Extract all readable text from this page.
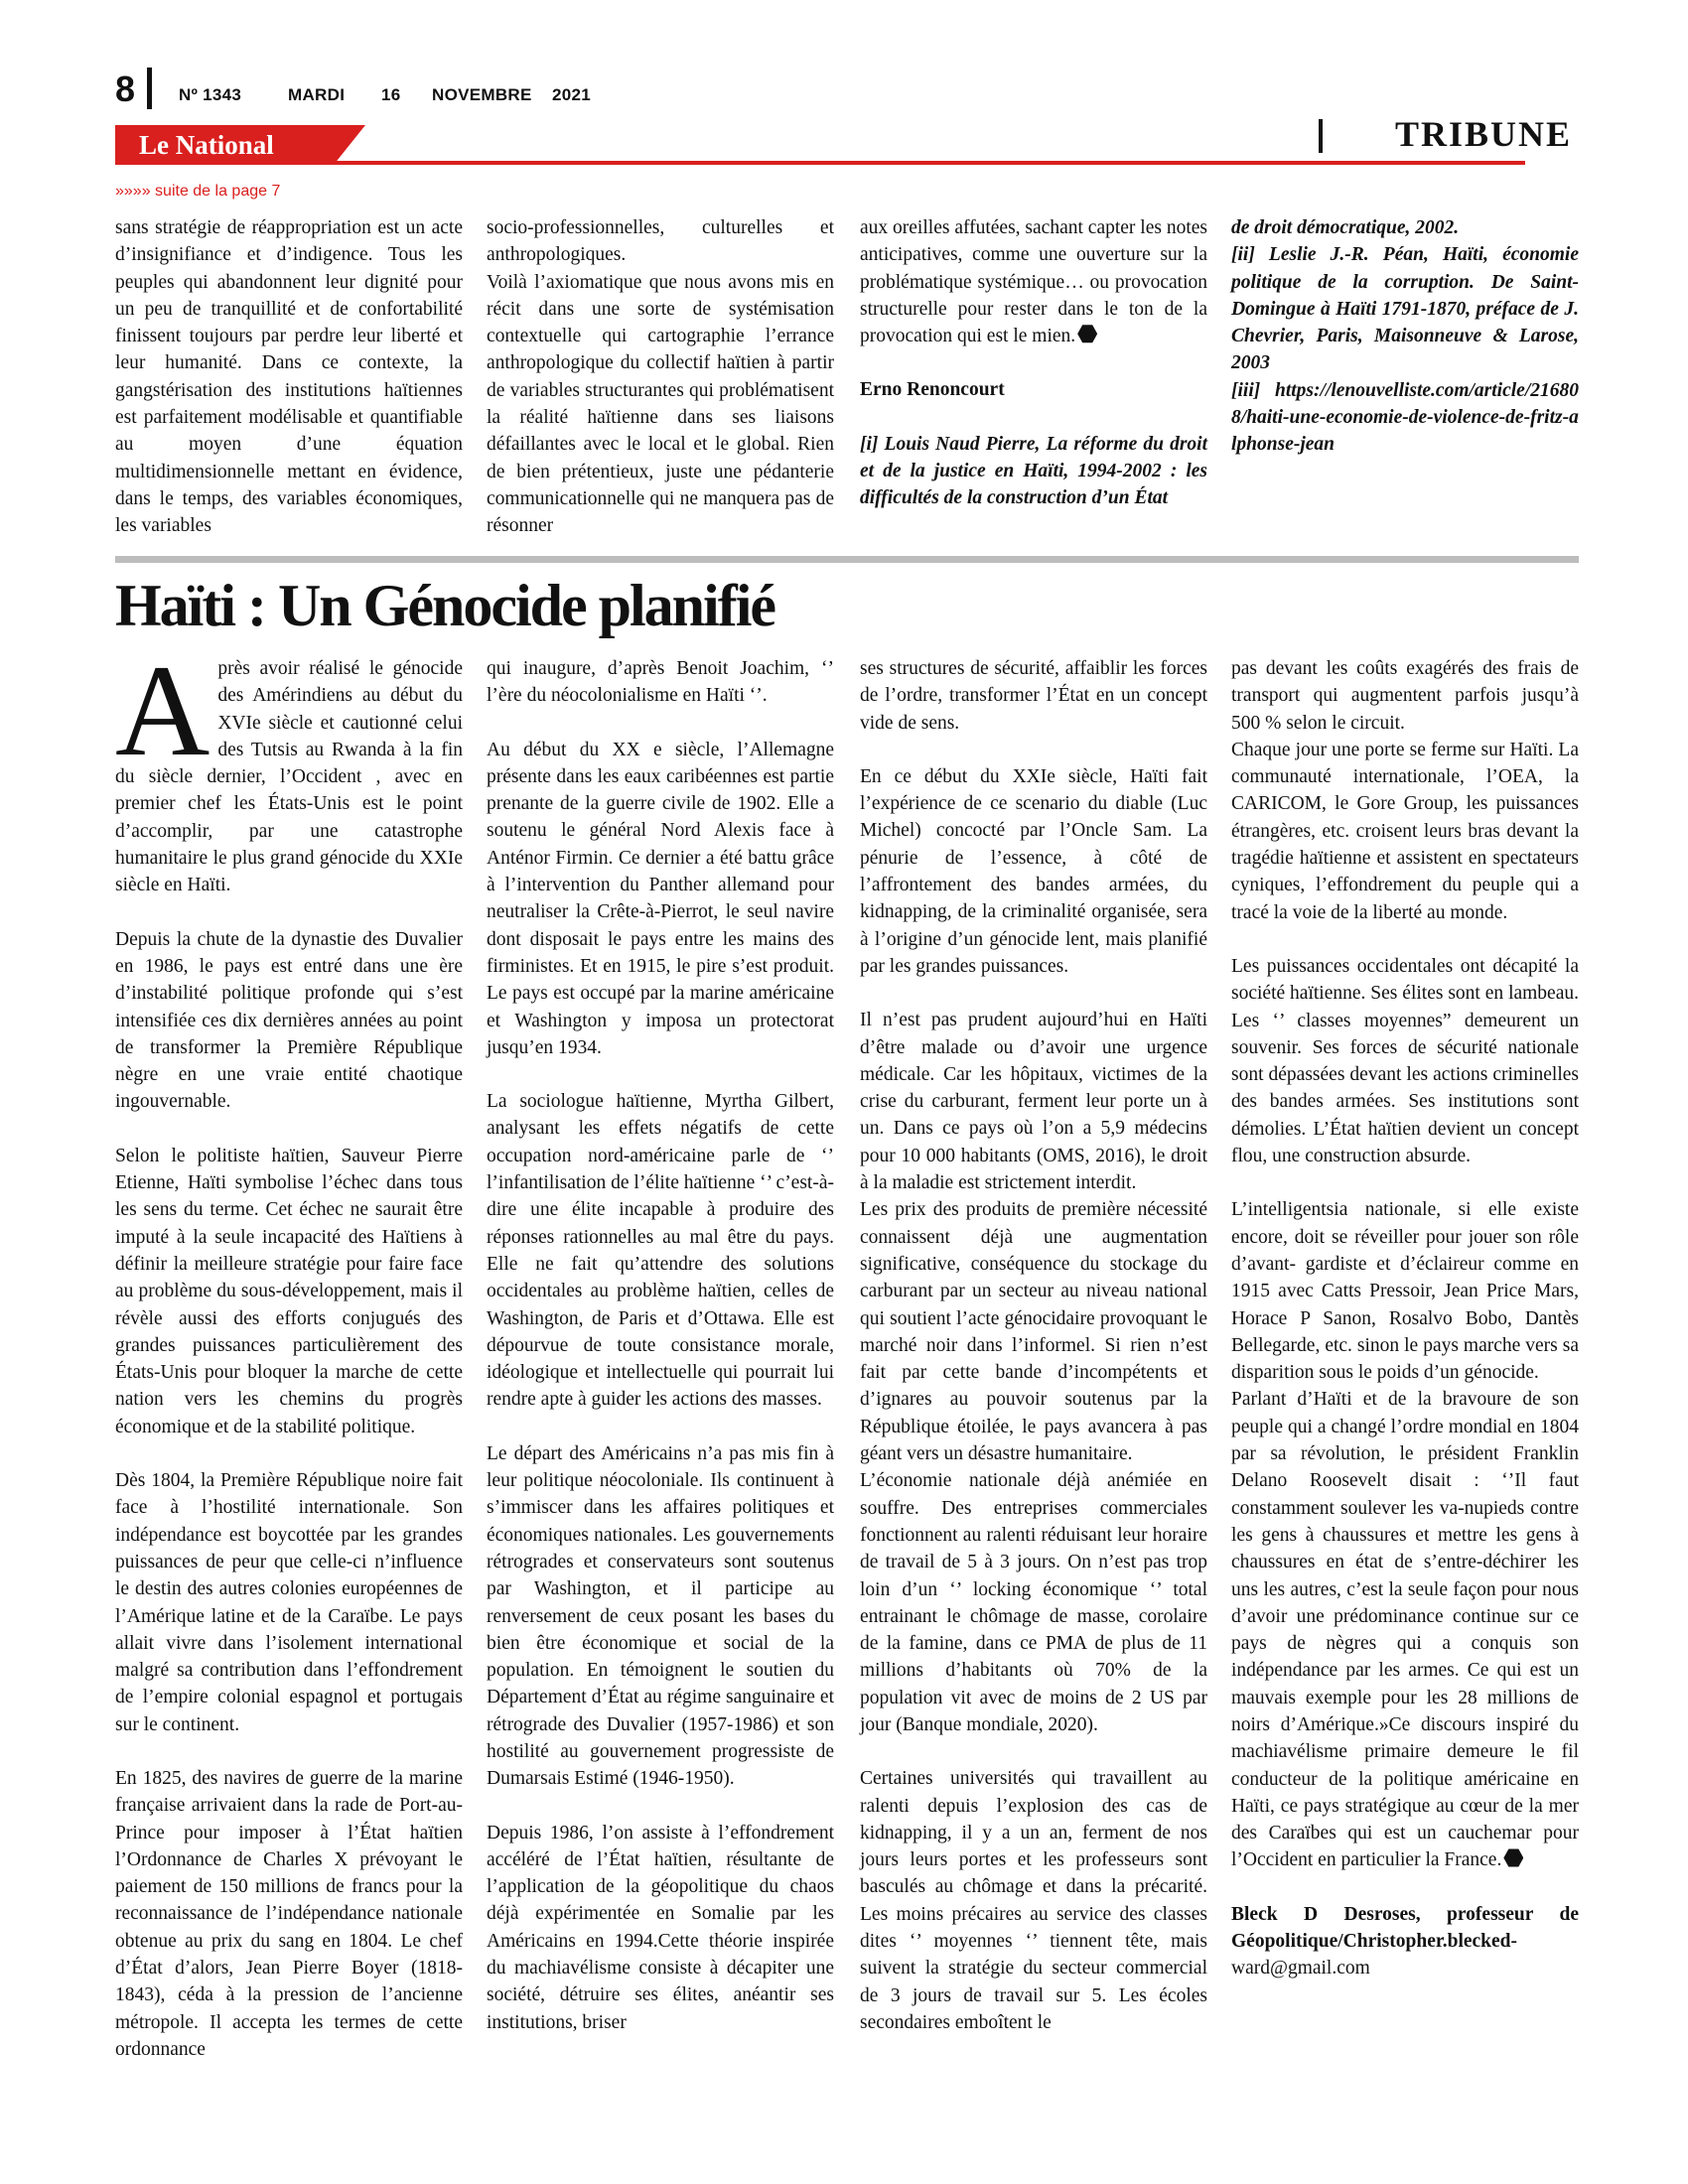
8	Nº 1343	MARDI 16 NOVEMBRE 2021
Le National	TRIBUNE
»»»» suite de la page 7

sans stratégie de réappropriation est un acte d’insignifiance et d’indigence. Tous les peuples qui abandonnent leur dignité pour un peu de tranquillité et de confortabilité finissent toujours par perdre leur liberté et leur humanité. Dans ce contexte, la gangstérisation des institutions haïtiennes est parfaitement modélisable et quantifiable au moyen d’une équation multidimensionnelle mettant en évidence, dans le temps, des variables économiques, les variables

socio-professionnelles, culturelles et anthropologiques.

Voilà l’axiomatique que nous avons mis en récit dans une sorte de systémisation contextuelle qui cartographie l’errance anthropologique du collectif haïtien à partir de variables structurantes qui problématisent la réalité haïtienne dans ses liaisons défaillantes avec le local et le global. Rien de bien prétentieux, juste une pédanterie communicationnelle qui ne manquera pas de résonner

aux oreilles affutées, sachant capter les notes anticipatives, comme une ouverture sur la problématique systémique… ou provocation structurelle pour rester dans le ton de la provocation qui est le mien.

Erno Renoncourt

[i] Louis Naud Pierre, La réforme du droit et de la justice en Haïti, 1994-2002 : les difficultés de la construction d’un État

de droit démocratique, 2002.

[ii] Leslie J.-R. Péan, Haïti, économie politique de la corruption. De Saint-Domingue à Haïti 1791-1870, préface de J. Chevrier, Paris, Maisonneuve & Larose, 2003

[iii] https://lenouvelliste.com/article/216808/haiti-une-economie-de-violence-de-fritz-alphonse-jean

Haïti : Un Génocide planifié

Après avoir réalisé le génocide des Amérindiens au début du XVIe siècle et cautionné celui des Tutsis au Rwanda à la fin du siècle dernier, l’Occident , avec en premier chef les États-Unis est le point d’accomplir, par une catastrophe humanitaire le plus grand génocide du XXIe siècle en Haïti.

Depuis la chute de la dynastie des Duvalier en 1986, le pays est entré dans une ère d’instabilité politique profonde qui s’est intensifiée ces dix dernières années au point de transformer la Première République nègre en une vraie entité chaotique ingouvernable.

Selon le politiste haïtien, Sauveur Pierre Etienne, Haïti symbolise l’échec dans tous les sens du terme. Cet échec ne saurait être imputé à la seule incapacité des Haïtiens à définir la meilleure stratégie pour faire face au problème du sous-développement, mais il révèle aussi des efforts conjugués des grandes puissances particulièrement des États-Unis pour bloquer la marche de cette nation vers les chemins du progrès économique et de la stabilité politique.

Dès 1804, la Première République noire fait face à l’hostilité internationale. Son indépendance est boycottée par les grandes puissances de peur que celle-ci n’influence le destin des autres colonies européennes de l’Amérique latine et de la Caraïbe. Le pays allait vivre dans l’isolement international malgré sa contribution dans l’effondrement de l’empire colonial espagnol et portugais sur le continent.

En 1825, des navires de guerre de la marine française arrivaient dans la rade de Port-au-Prince pour imposer à l’État haïtien l’Ordonnance de Charles X prévoyant le paiement de 150 millions de francs pour la reconnaissance de l’indépendance nationale obtenue au prix du sang en 1804. Le chef d’État d’alors, Jean Pierre Boyer (1818-1843), céda à la pression de l’ancienne métropole. Il accepta les termes de cette ordonnance

qui inaugure, d’après Benoit Joachim, ‘’ l’ère du néocolonialisme en Haïti ‘’.

Au début du XX e siècle, l’Allemagne présente dans les eaux caribéennes est partie prenante de la guerre civile de 1902. Elle a soutenu le général Nord Alexis face à Anténor Firmin. Ce dernier a été battu grâce à l’intervention du Panther allemand pour neutraliser la Crête-à-Pierrot, le seul navire dont disposait le pays entre les mains des firministes. Et en 1915, le pire s’est produit. Le pays est occupé par la marine américaine et Washington y imposa un protectorat jusqu’en 1934.

La sociologue haïtienne, Myrtha Gilbert, analysant les effets négatifs de cette occupation nord-américaine parle de ‘’ l’infantilisation de l’élite haïtienne ‘’ c’est-à- dire une élite incapable à produire des réponses rationnelles au mal être du pays. Elle ne fait qu’attendre des solutions occidentales au problème haïtien, celles de Washington, de Paris et d’Ottawa. Elle est dépourvue de toute consistance morale, idéologique et intellectuelle qui pourrait lui rendre apte à guider les actions des masses.

Le départ des Américains n’a pas mis fin à leur politique néocoloniale. Ils continuent à s’immiscer dans les affaires politiques et économiques nationales. Les gouvernements rétrogrades et conservateurs sont soutenus par Washington, et il participe au renversement de ceux posant les bases du bien être économique et social de la population. En témoignent le soutien du Département d’État au régime sanguinaire et rétrograde des Duvalier (1957-1986) et son hostilité au gouvernement progressiste de Dumarsais Estimé (1946-1950).

Depuis 1986, l’on assiste à l’effondrement accéléré de l’État haïtien, résultante de l’application de la géopolitique du chaos déjà expérimentée en Somalie par les Américains en 1994.Cette théorie inspirée du machiavélisme consiste à décapiter une société, détruire ses élites, anéantir ses institutions, briser

ses structures de sécurité, affaiblir les forces de l’ordre, transformer l’État en un concept vide de sens.

En ce début du XXIe siècle, Haïti fait l’expérience de ce scenario du diable (Luc Michel) concocté par l’Oncle Sam. La pénurie de l’essence, à côté de l’affrontement des bandes armées, du kidnapping, de la criminalité organisée, sera à l’origine d’un génocide lent, mais planifié par les grandes puissances.

Il n’est pas prudent aujourd’hui en Haïti d’être malade ou d’avoir une urgence médicale. Car les hôpitaux, victimes de la crise du carburant, ferment leur porte un à un. Dans ce pays où l’on a 5,9 médecins pour 10 000 habitants (OMS, 2016), le droit à la maladie est strictement interdit.

Les prix des produits de première nécessité connaissent déjà une augmentation significative, conséquence du stockage du carburant par un secteur au niveau national qui soutient l’acte génocidaire provoquant le marché noir dans l’informel. Si rien n’est fait par cette bande d’incompétents et d’ignares au pouvoir soutenus par la République étoilée, le pays avancera à pas géant vers un désastre humanitaire.

L’économie nationale déjà anémiée en souffre. Des entreprises commerciales fonctionnent au ralenti réduisant leur horaire de travail de 5 à 3 jours. On n’est pas trop loin d’un ‘’ locking économique ‘’ total entrainant le chômage de masse, corolaire de la famine, dans ce PMA de plus de 11 millions d’habitants où 70% de la population vit avec de moins de 2 US par jour (Banque mondiale, 2020).

Certaines universités qui travaillent au ralenti depuis l’explosion des cas de kidnapping, il y a un an, ferment de nos jours leurs portes et les professeurs sont basculés au chômage et dans la précarité. Les moins précaires au service des classes dites ‘’ moyennes ‘’ tiennent tête, mais suivent la stratégie du secteur commercial de 3 jours de travail sur 5. Les écoles secondaires emboîtent le

pas devant les coûts exagérés des frais de transport qui augmentent parfois jusqu’à 500 % selon le circuit.

Chaque jour une porte se ferme sur Haïti. La communauté internationale, l’OEA, la CARICOM, le Gore Group, les puissances étrangères, etc. croisent leurs bras devant la tragédie haïtienne et assistent en spectateurs cyniques, l’effondrement du peuple qui a tracé la voie de la liberté au monde.

Les puissances occidentales ont décapité la société haïtienne. Ses élites sont en lambeau. Les ‘’ classes moyennes” demeurent un souvenir. Ses forces de sécurité nationale sont dépassées devant les actions criminelles des bandes armées. Ses institutions sont démolies. L’État haïtien devient un concept flou, une construction absurde.

L’intelligentsia nationale, si elle existe encore, doit se réveiller pour jouer son rôle d’avant- gardiste et d’éclaireur comme en 1915 avec Catts Pressoir, Jean Price Mars, Horace P Sanon, Rosalvo Bobo, Dantès Bellegarde, etc. sinon le pays marche vers sa disparition sous le poids d’un génocide.

Parlant d’Haïti et de la bravoure de son peuple qui a changé l’ordre mondial en 1804 par sa révolution, le président Franklin Delano Roosevelt disait : ‘’Il faut constamment soulever les va-nupieds contre les gens à chaussures et mettre les gens à chaussures en état de s’entre-déchirer les uns les autres, c’est la seule façon pour nous d’avoir une prédominance continue sur ce pays de nègres qui a conquis son indépendance par les armes. Ce qui est un mauvais exemple pour les 28 millions de noirs d’Amérique.»Ce discours inspiré du machiavélisme primaire demeure le fil conducteur de la politique américaine en Haïti, ce pays stratégique au cœur de la mer des Caraïbes qui est un cauchemar pour l’Occident en particulier la France.

Bleck D Desroses, professeur de Géopolitique/Christopher.blecked-

ward@gmail.com
